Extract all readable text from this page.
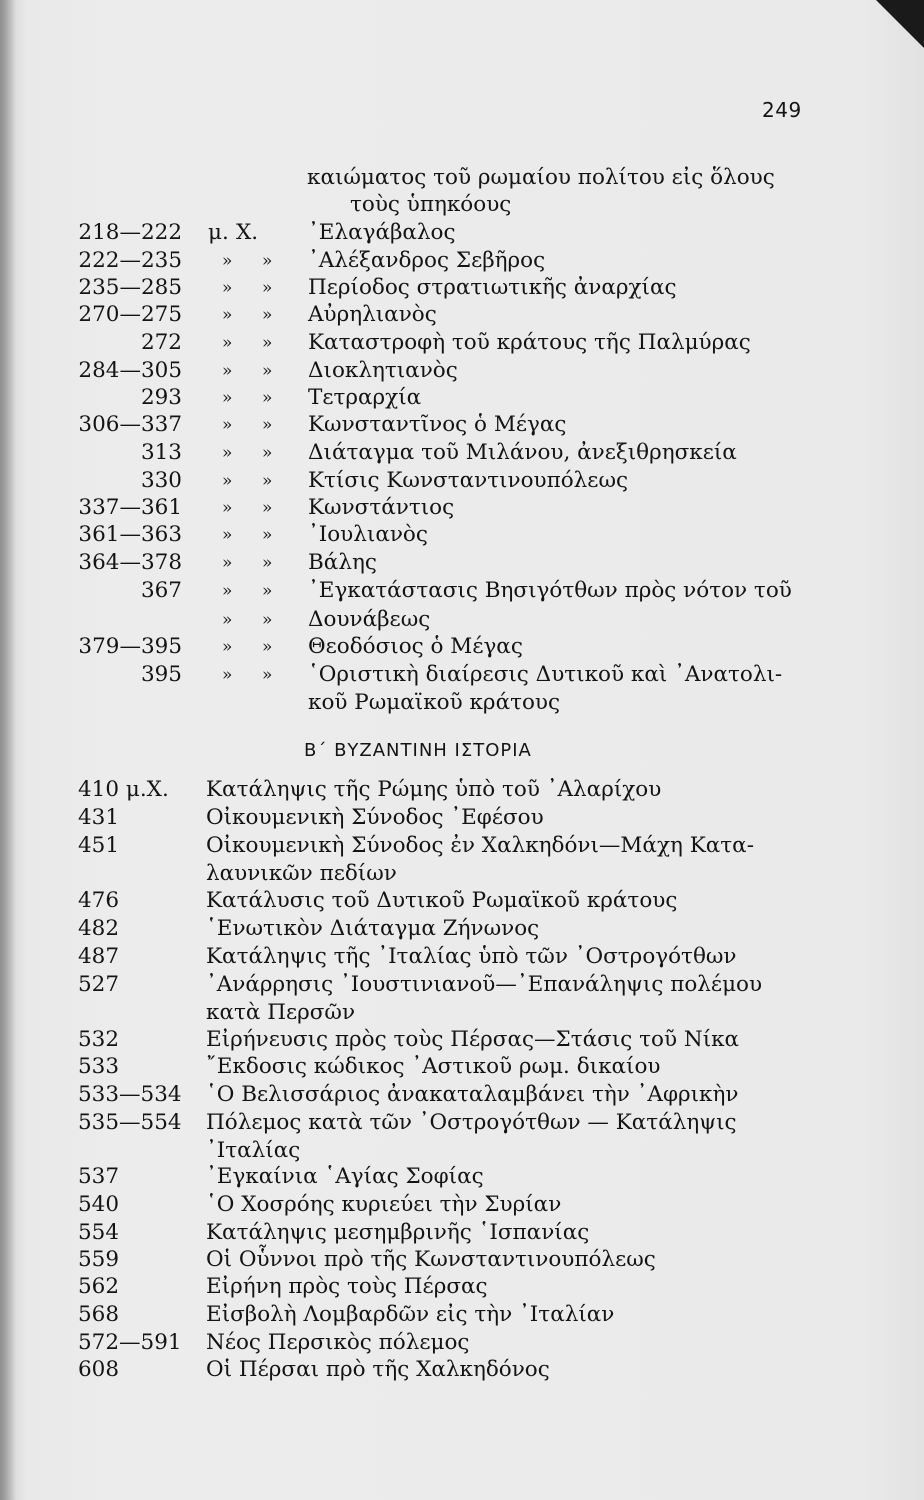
249
καιώματος τοῦ ρωμαίου πολίτου εἰς ὅλους
τοὺς ὑπηκόους
218—222 μ. Χ. ᾿Ελαγάβαλος
222—235 » » ᾿Αλέξανδρος Σεβῆρος
235—285 » » Περίοδος στρατιωτικῆς ἀναρχίας
270—275 » » Αὐρηλιανὸς
272 » » Καταστροφὴ τοῦ κράτους τῆς Παλμύρας
284—305 » » Διοκλητιανὸς
293 » » Τετραρχία
306—337 » » Κωνσταντῖνος ὁ Μέγας
313 » » Διάταγμα τοῦ Μιλάνου, ἀνεξιθρησκεία
330 » » Κτίσις Κωνσταντινουπόλεως
337—361 » » Κωνστάντιος
361—363 » » ᾿Ιουλιανὸς
364—378 » » Βάλης
367 » » ᾿Εγκατάστασις Βησιγότθων πρὸς νότον τοῦ
» » Δουνάβεως
379—395 » » Θεοδόσιος ὁ Μέγας
395 » » ῾Οριστικὴ διαίρεσις Δυτικοῦ καὶ ᾿Ανατολι-
κοῦ Ρωμαϊκοῦ κράτους
Β΄ ΒΥΖΑΝΤΙΝΗ ΙΣΤΟΡΙΑ
410 μ.Χ. Κατάληψις τῆς Ρώμης ὑπὸ τοῦ ᾿Αλαρίχου
431	Οἰκουμενικὴ Σύνοδος ᾿Εφέσου
451	Οἰκουμενικὴ Σύνοδος ἐν Χαλκηδόνι—Μάχη Κατα-
λαυνικῶν πεδίων
476	Κατάλυσις τοῦ Δυτικοῦ Ρωμαϊκοῦ κράτους
482	῾Ενωτικὸν Διάταγμα Ζήνωνος
487	Κατάληψις τῆς ᾿Ιταλίας ὑπὸ τῶν ᾿Οστρογότθων
527	᾿Ανάρρησις ᾿Ιουστινιανοῦ—᾿Επανάληψις πολέμου
κατὰ Περσῶν
532	Εἰρήνευσις πρὸς τοὺς Πέρσας—Στάσις τοῦ Νίκα
533	῎Εκδοσις κώδικος ᾿Αστικοῦ ρωμ. δικαίου
533—534 ῾Ο Βελισσάριος ἀνακαταλαμβάνει τὴν ᾿Αφρικὴν
535—554 Πόλεμος κατὰ τῶν ᾿Οστρογότθων — Κατάληψις
᾿Ιταλίας
537	᾿Εγκαίνια ῾Αγίας Σοφίας
540	῾Ο Χοσρόης κυριεύει τὴν Συρίαν
554	Κατάληψις μεσημβρινῆς ῾Ισπανίας
559	Οἱ Οὗννοι πρὸ τῆς Κωνσταντινουπόλεως
562	Εἰρήνη πρὸς τοὺς Πέρσας
568	Εἰσβολὴ Λομβαρδῶν εἰς τὴν ᾿Ιταλίαν
572—591 Νέος Περσικὸς πόλεμος
608	Οἱ Πέρσαι πρὸ τῆς Χαλκηδόνος
